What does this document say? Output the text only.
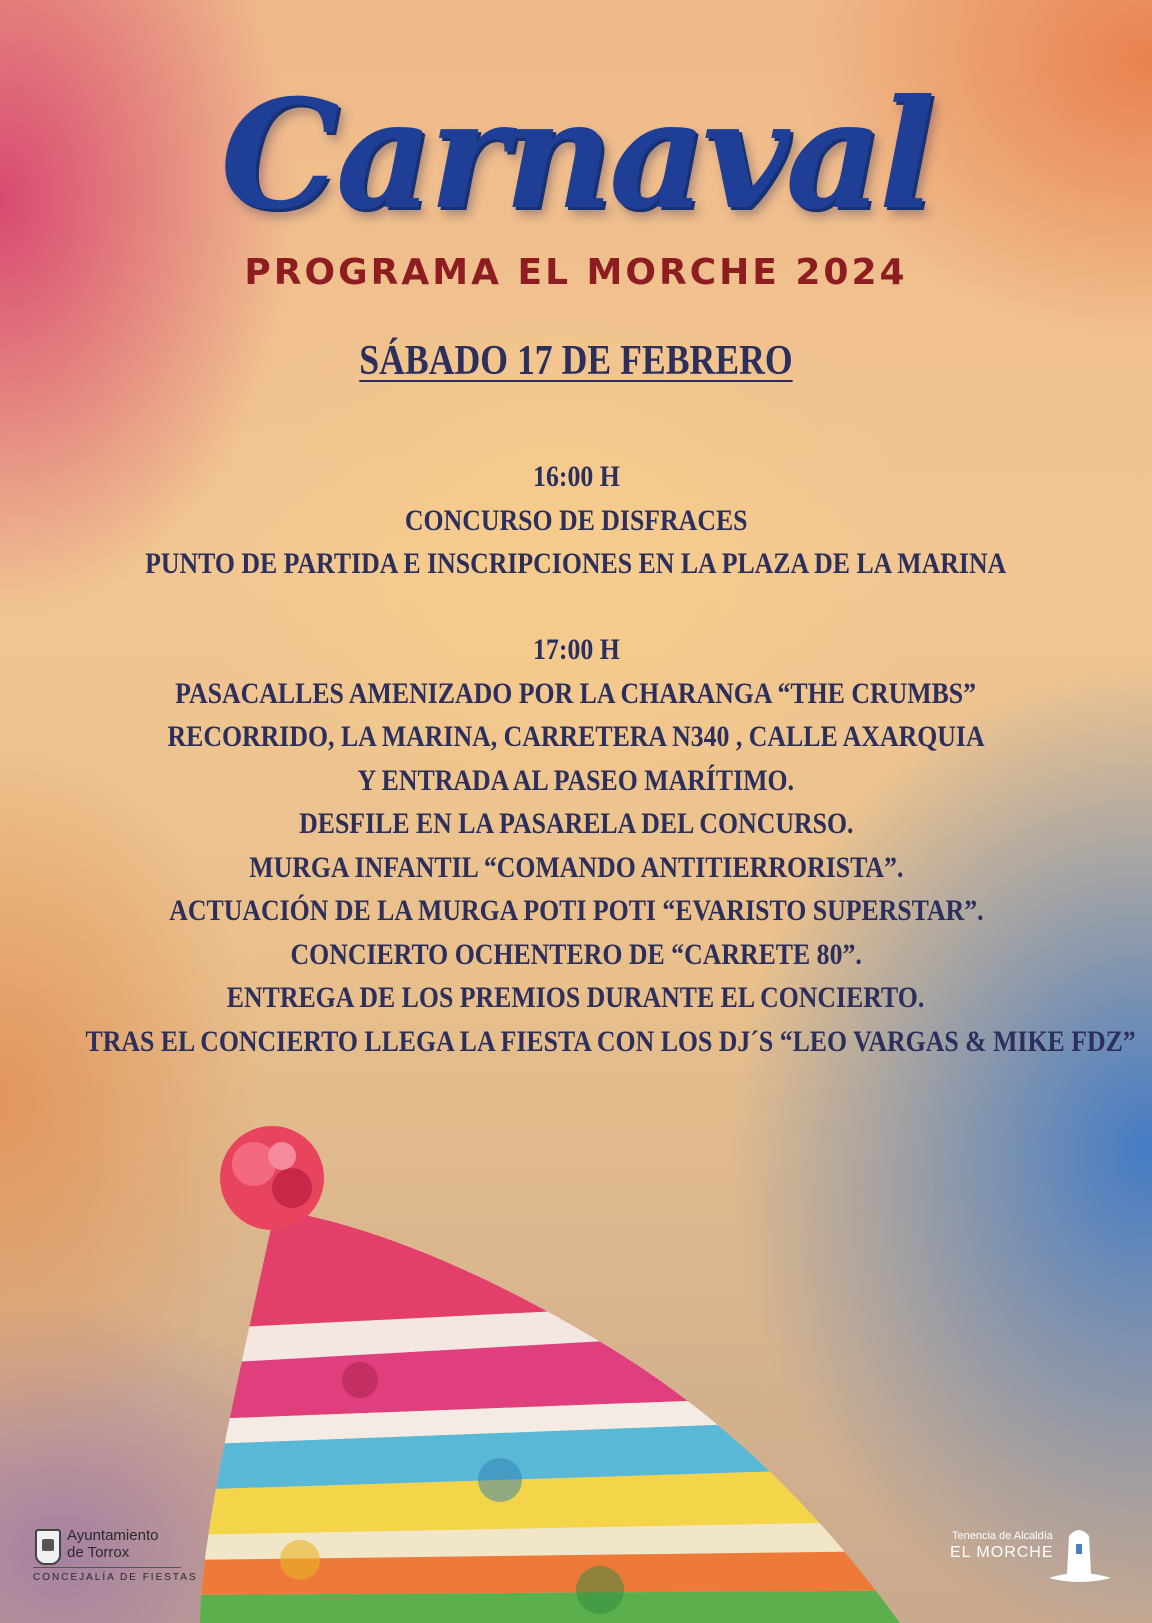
Carnaval
PROGRAMA EL MORCHE 2024
SÁBADO 17 DE FEBRERO
16:00 H
CONCURSO DE DISFRACES
PUNTO DE PARTIDA E INSCRIPCIONES EN LA PLAZA DE LA MARINA
17:00 H
PASACALLES AMENIZADO POR LA CHARANGA “THE CRUMBS”
RECORRIDO, LA MARINA, CARRETERA N340 , CALLE AXARQUIA
Y ENTRADA AL PASEO MARÍTIMO.
DESFILE EN LA PASARELA DEL CONCURSO.
MURGA INFANTIL “COMANDO ANTITIERRORISTA”.
ACTUACIÓN DE LA MURGA POTI POTI “EVARISTO SUPERSTAR”.
CONCIERTO OCHENTERO DE “CARRETE 80”.
ENTREGA DE LOS PREMIOS DURANTE EL CONCIERTO.
TRAS EL CONCIERTO LLEGA LA FIESTA CON LOS DJ´S “LEO VARGAS & MIKE FDZ”
Ayuntamiento
de Torrox
CONCEJALÍA DE FIESTAS
Tenencia de Alcaldía
EL MORCHE
